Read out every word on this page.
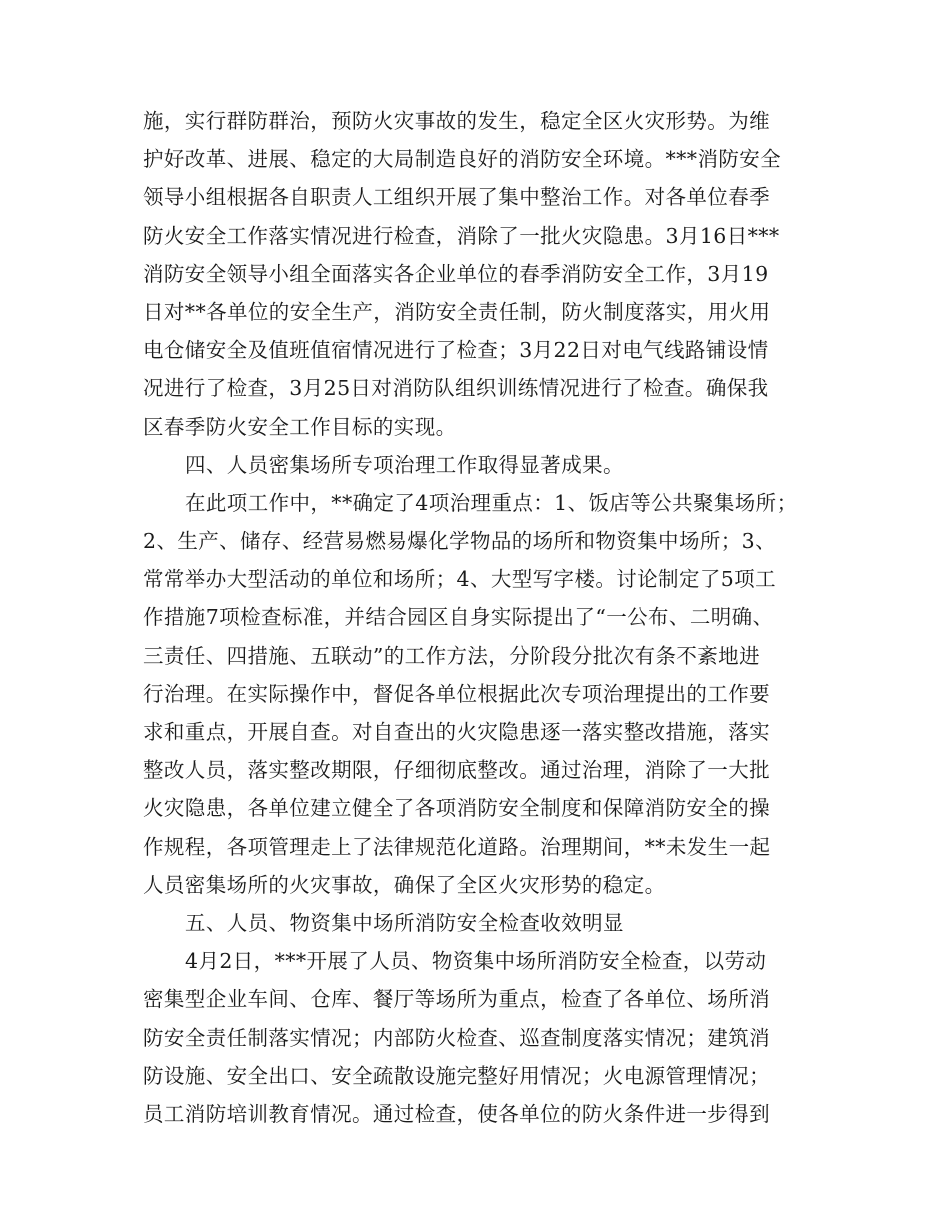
施，实行群防群治，预防火灾事故的发生，稳定全区火灾形势。为维
护好改革、进展、稳定的大局制造良好的消防安全环境。***消防安全
领导小组根据各自职责人工组织开展了集中整治工作。对各单位春季
防火安全工作落实情况进行检查，消除了一批火灾隐患。3月16日***
消防安全领导小组全面落实各企业单位的春季消防安全工作，3月19
日对**各单位的安全生产，消防安全责任制，防火制度落实，用火用
电仓储安全及值班值宿情况进行了检查；3月22日对电气线路铺设情
况进行了检查，3月25日对消防队组织训练情况进行了检查。确保我
区春季防火安全工作目标的实现。
四、人员密集场所专项治理工作取得显著成果。
在此项工作中，**确定了4项治理重点：1、饭店等公共聚集场所；
2、生产、储存、经营易燃易爆化学物品的场所和物资集中场所；3、
常常举办大型活动的单位和场所；4、大型写字楼。讨论制定了5项工
作措施7项检查标准，并结合园区自身实际提出了“一公布、二明确、
三责任、四措施、五联动”的工作方法，分阶段分批次有条不紊地进
行治理。在实际操作中，督促各单位根据此次专项治理提出的工作要
求和重点，开展自查。对自查出的火灾隐患逐一落实整改措施，落实
整改人员，落实整改期限，仔细彻底整改。通过治理，消除了一大批
火灾隐患，各单位建立健全了各项消防安全制度和保障消防安全的操
作规程，各项管理走上了法律规范化道路。治理期间，**未发生一起
人员密集场所的火灾事故，确保了全区火灾形势的稳定。
五、人员、物资集中场所消防安全检查收效明显
4月2日，***开展了人员、物资集中场所消防安全检查，以劳动
密集型企业车间、仓库、餐厅等场所为重点，检查了各单位、场所消
防安全责任制落实情况；内部防火检查、巡查制度落实情况；建筑消
防设施、安全出口、安全疏散设施完整好用情况；火电源管理情况；
员工消防培训教育情况。通过检查，使各单位的防火条件进一步得到
